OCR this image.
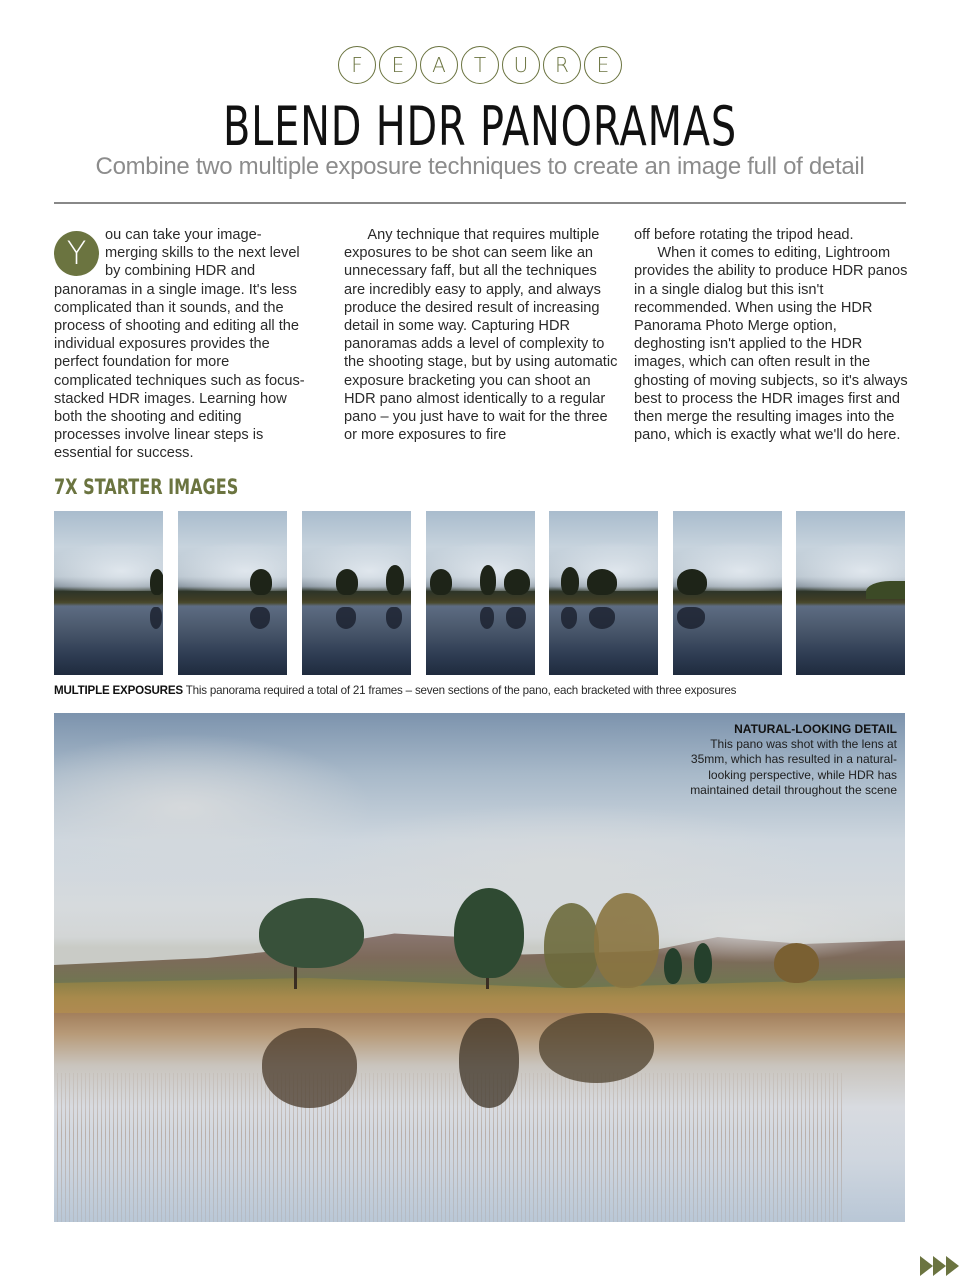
F	E	A	T	U	R	E
BLEND HDR PANORAMAS
Combine two multiple exposure techniques to create an image full of detail
Y	ou can take your image-merging skills to the next level by combining HDR and panoramas in a single image. It's less complicated than it sounds, and the process of shooting and editing all the individual exposures provides the perfect foundation for more complicated techniques such as focus-stacked HDR images. Learning how both the shooting and editing processes involve linear steps is essential for success.

Any technique that requires multiple exposures to be shot can seem like an unnecessary faff, but all the techniques are incredibly easy to apply, and always produce the desired result of increasing detail in some way. Capturing HDR panoramas adds a level of complexity to the shooting stage, but by using automatic exposure bracketing you can shoot an HDR pano almost identically to a regular pano – you just have to wait for the three or more exposures to fire

off before rotating the tripod head.

When it comes to editing, Lightroom provides the ability to produce HDR panos in a single dialog but this isn't recommended. When using the HDR Panorama Photo Merge option, deghosting isn't applied to the HDR images, which can often result in the ghosting of moving subjects, so it's always best to process the HDR images first and then merge the resulting images into the pano, which is exactly what we'll do here.

7X STARTER IMAGES
MULTIPLE EXPOSURES This panorama required a total of 21 frames – seven sections of the pano, each bracketed with three exposures
NATURAL-LOOKING DETAIL
This pano was shot with the lens at 35mm, which has resulted in a natural-looking perspective, while HDR has maintained detail throughout the scene
